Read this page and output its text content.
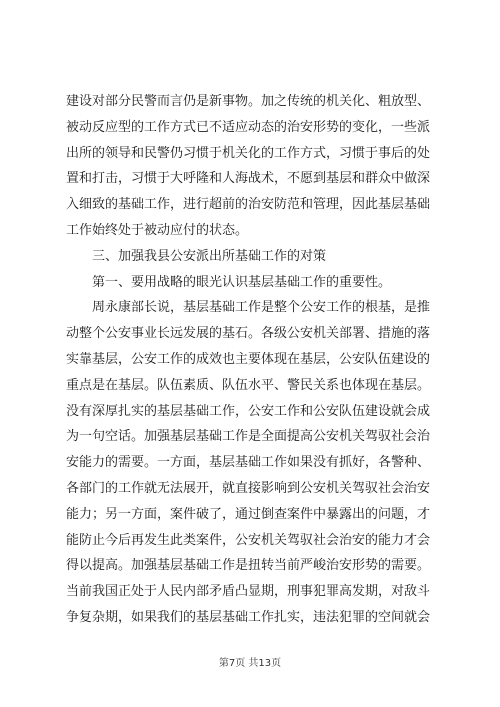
建设对部分民警而言仍是新事物。加之传统的机关化、粗放型、
被动反应型的工作方式已不适应动态的治安形势的变化，一些派
出所的领导和民警仍习惯于机关化的工作方式，习惯于事后的处
置和打击，习惯于大呼隆和人海战术，不愿到基层和群众中做深
入细致的基础工作，进行超前的治安防范和管理，因此基层基础
工作始终处于被动应付的状态。
三、加强我县公安派出所基础工作的对策
第一、要用战略的眼光认识基层基础工作的重要性。
周永康部长说，基层基础工作是整个公安工作的根基，是推
动整个公安事业长远发展的基石。各级公安机关部署、措施的落
实靠基层，公安工作的成效也主要体现在基层，公安队伍建设的
重点是在基层。队伍素质、队伍水平、警民关系也体现在基层。
没有深厚扎实的基层基础工作，公安工作和公安队伍建设就会成
为一句空话。加强基层基础工作是全面提高公安机关驾驭社会治
安能力的需要。一方面，基层基础工作如果没有抓好，各警种、
各部门的工作就无法展开，就直接影响到公安机关驾驭社会治安
能力；另一方面，案件破了，通过倒查案件中暴露出的问题，才
能防止今后再发生此类案件，公安机关驾驭社会治安的能力才会
得以提高。加强基层基础工作是扭转当前严峻治安形势的需要。
当前我国正处于人民内部矛盾凸显期，刑事犯罪高发期，对敌斗
争复杂期，如果我们的基层基础工作扎实，违法犯罪的空间就会
第7页 共13页
